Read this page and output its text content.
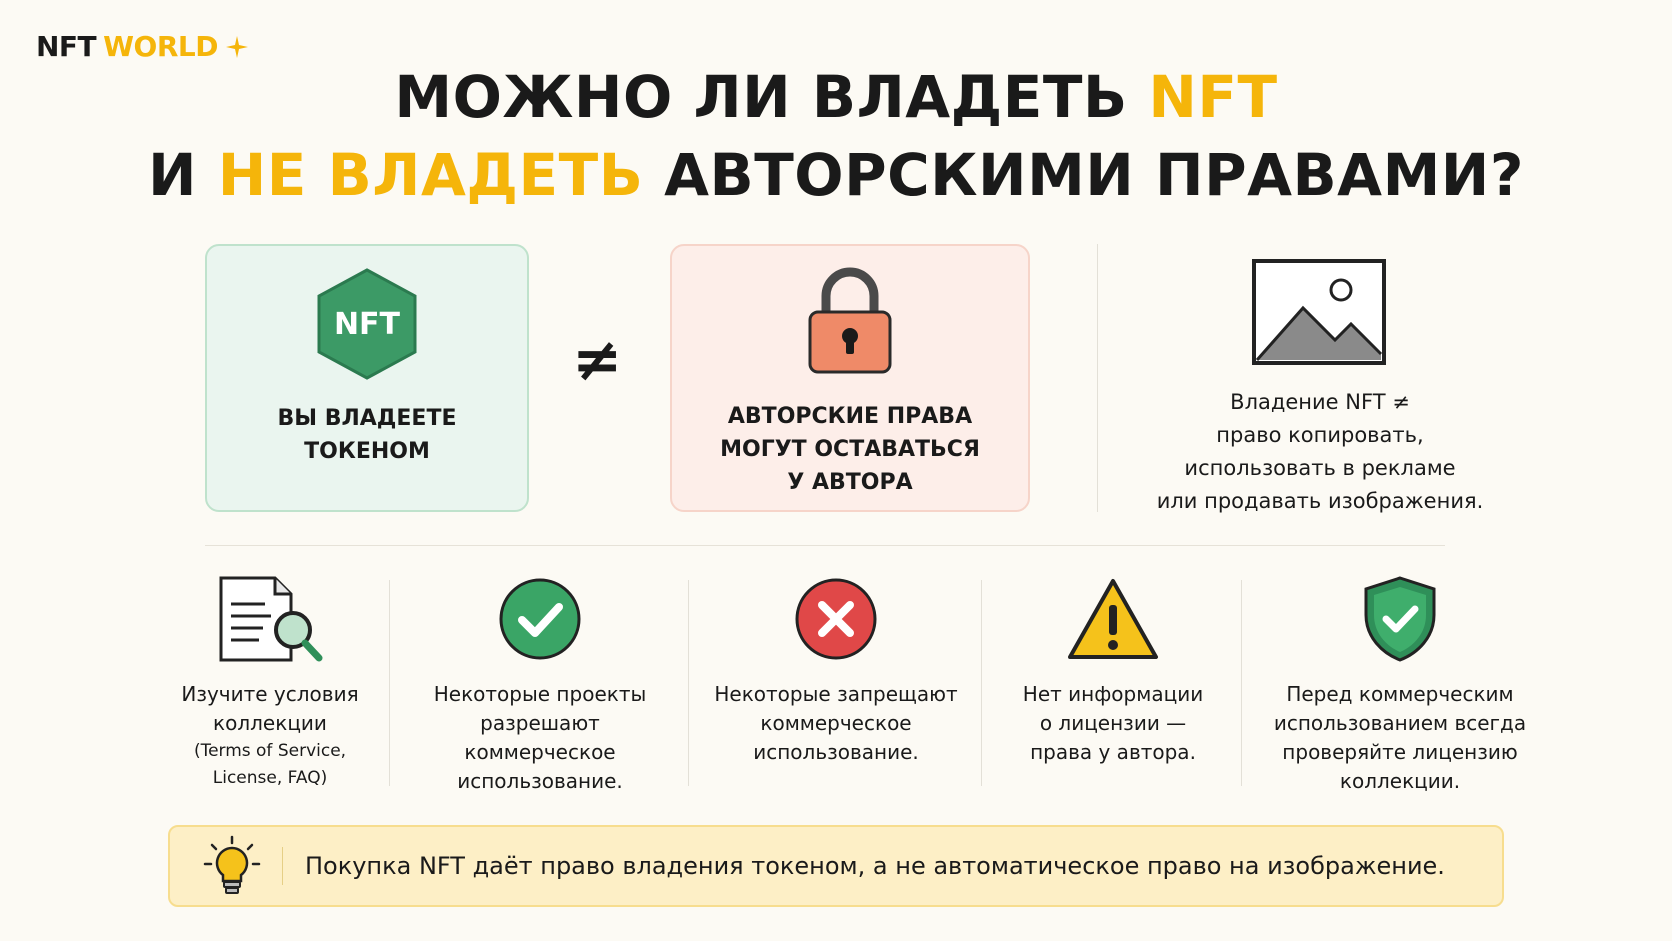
NFT WORLD
МОЖНО ЛИ ВЛАДЕТЬ NFT
И НЕ ВЛАДЕТЬ АВТОРСКИМИ ПРАВАМИ?
NFT
ВЫ ВЛАДЕЕТЕ
ТОКЕНОМ
≠
АВТОРСКИЕ ПРАВА
МОГУТ ОСТАВАТЬСЯ
У АВТОРА
Владение NFT ≠
право копировать,
использовать в рекламе
или продавать изображения.
Изучите условия
коллекции
(Terms of Service,
License, FAQ)
Некоторые проекты
разрешают
коммерческое
использование.
Некоторые запрещают
коммерческое
использование.
Нет информации
о лицензии —
права у автора.
Перед коммерческим
использованием всегда
проверяйте лицензию
коллекции.
Покупка NFT даёт право владения токеном, а не автоматическое право на изображение.
